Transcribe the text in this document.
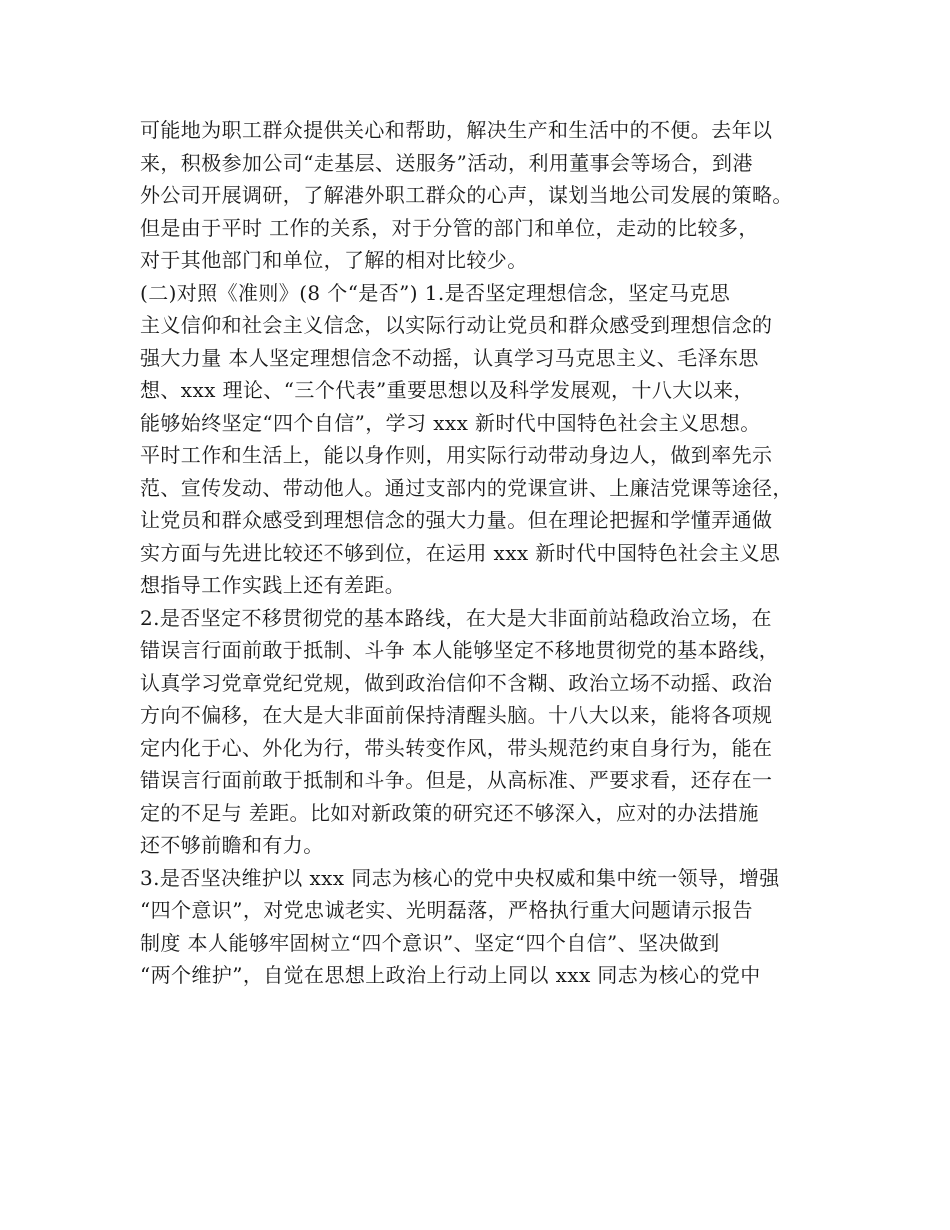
可能地为职工群众提供关心和帮助，解决生产和生活中的不便。去年以
来，积极参加公司“走基层、送服务”活动，利用董事会等场合，到港
外公司开展调研，了解港外职工群众的心声，谋划当地公司发展的策略。
但是由于平时 工作的关系，对于分管的部门和单位，走动的比较多，
对于其他部门和单位，了解的相对比较少。
(二)对照《准则》(8 个“是否”) 1.是否坚定理想信念，坚定马克思
主义信仰和社会主义信念，以实际行动让党员和群众感受到理想信念的
强大力量 本人坚定理想信念不动摇，认真学习马克思主义、毛泽东思
想、xxx 理论、“三个代表”重要思想以及科学发展观，十八大以来，
能够始终坚定“四个自信”，学习 xxx 新时代中国特色社会主义思想。
平时工作和生活上，能以身作则，用实际行动带动身边人，做到率先示
范、宣传发动、带动他人。通过支部内的党课宣讲、上廉洁党课等途径，
让党员和群众感受到理想信念的强大力量。但在理论把握和学懂弄通做
实方面与先进比较还不够到位，在运用 xxx 新时代中国特色社会主义思
想指导工作实践上还有差距。
2.是否坚定不移贯彻党的基本路线，在大是大非面前站稳政治立场，在
错误言行面前敢于抵制、斗争 本人能够坚定不移地贯彻党的基本路线，
认真学习党章党纪党规，做到政治信仰不含糊、政治立场不动摇、政治
方向不偏移，在大是大非面前保持清醒头脑。十八大以来，能将各项规
定内化于心、外化为行，带头转变作风，带头规范约束自身行为，能在
错误言行面前敢于抵制和斗争。但是，从高标准、严要求看，还存在一
定的不足与 差距。比如对新政策的研究还不够深入，应对的办法措施
还不够前瞻和有力。
3.是否坚决维护以 xxx 同志为核心的党中央权威和集中统一领导，增强
“四个意识”，对党忠诚老实、光明磊落，严格执行重大问题请示报告
制度 本人能够牢固树立“四个意识”、坚定“四个自信”、坚决做到
“两个维护”，自觉在思想上政治上行动上同以 xxx 同志为核心的党中
